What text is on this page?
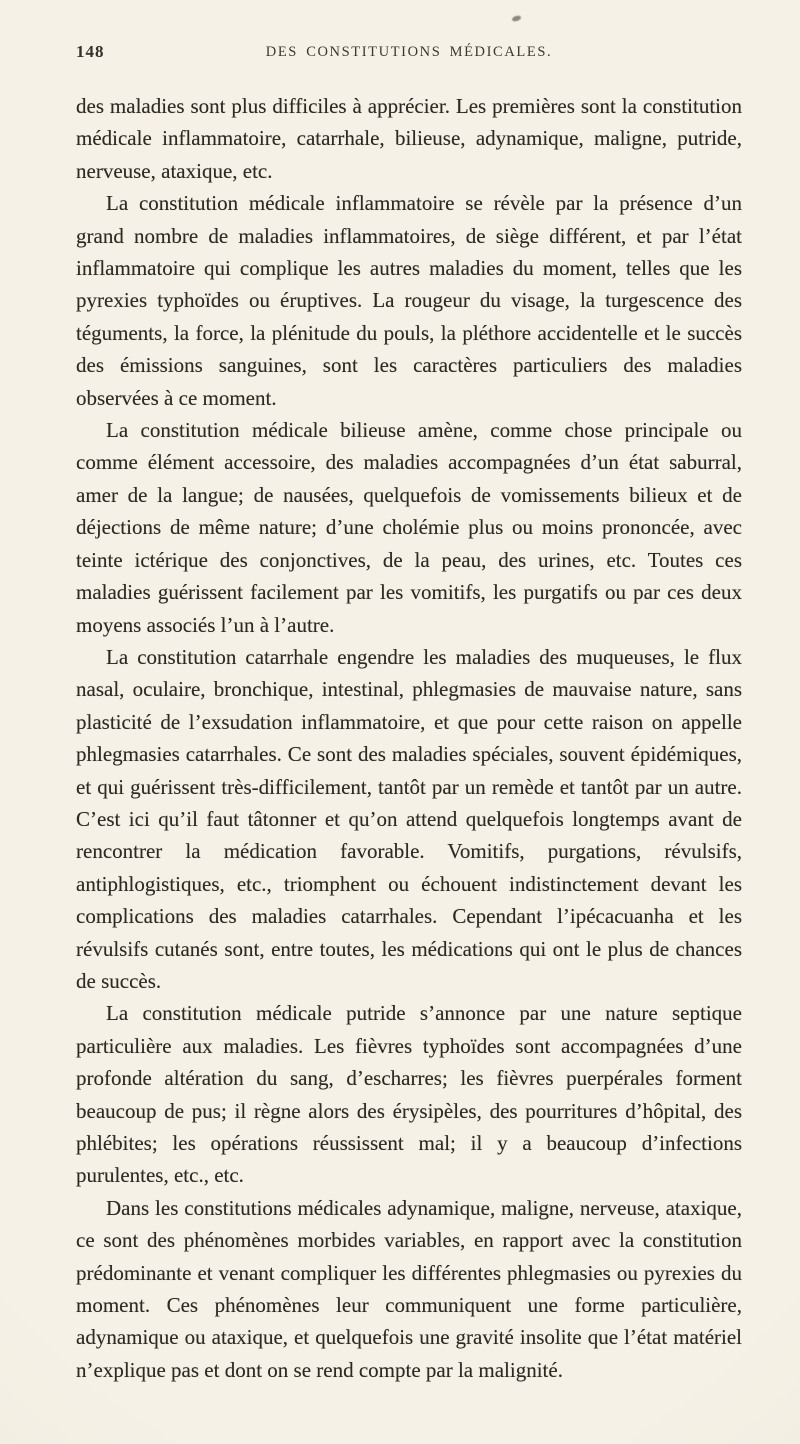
148	DES CONSTITUTIONS MÉDICALES.

des maladies sont plus difficiles à apprécier. Les premières sont la constitution médicale inflammatoire, catarrhale, bilieuse, adynamique, maligne, putride, nerveuse, ataxique, etc.

La constitution médicale inflammatoire se révèle par la présence d’un grand nombre de maladies inflammatoires, de siège différent, et par l’état inflammatoire qui complique les autres maladies du moment, telles que les pyrexies typhoïdes ou éruptives. La rougeur du visage, la turgescence des téguments, la force, la plénitude du pouls, la pléthore accidentelle et le succès des émissions sanguines, sont les caractères particuliers des maladies observées à ce moment.

La constitution médicale bilieuse amène, comme chose principale ou comme élément accessoire, des maladies accompagnées d’un état saburral, amer de la langue; de nausées, quelquefois de vomissements bilieux et de déjections de même nature; d’une cholémie plus ou moins prononcée, avec teinte ictérique des conjonctives, de la peau, des urines, etc. Toutes ces maladies guérissent facilement par les vomitifs, les purgatifs ou par ces deux moyens associés l’un à l’autre.

La constitution catarrhale engendre les maladies des muqueuses, le flux nasal, oculaire, bronchique, intestinal, phlegmasies de mauvaise nature, sans plasticité de l’exsudation inflammatoire, et que pour cette raison on appelle phlegmasies catarrhales. Ce sont des maladies spéciales, souvent épidémiques, et qui guérissent très-difficilement, tantôt par un remède et tantôt par un autre. C’est ici qu’il faut tâtonner et qu’on attend quelquefois longtemps avant de rencontrer la médication favorable. Vomitifs, purgations, révulsifs, antiphlogistiques, etc., triomphent ou échouent indistinctement devant les complications des maladies catarrhales. Cependant l’ipécacuanha et les révulsifs cutanés sont, entre toutes, les médications qui ont le plus de chances de succès.

La constitution médicale putride s’annonce par une nature septique particulière aux maladies. Les fièvres typhoïdes sont accompagnées d’une profonde altération du sang, d’escharres; les fièvres puerpérales forment beaucoup de pus; il règne alors des érysipèles, des pourritures d’hôpital, des phlébites; les opérations réussissent mal; il y a beaucoup d’infections purulentes, etc., etc.

Dans les constitutions médicales adynamique, maligne, nerveuse, ataxique, ce sont des phénomènes morbides variables, en rapport avec la constitution prédominante et venant compliquer les différentes phlegmasies ou pyrexies du moment. Ces phénomènes leur communiquent une forme particulière, adynamique ou ataxique, et quelquefois une gravité insolite que l’état matériel n’explique pas et dont on se rend compte par la malignité.
